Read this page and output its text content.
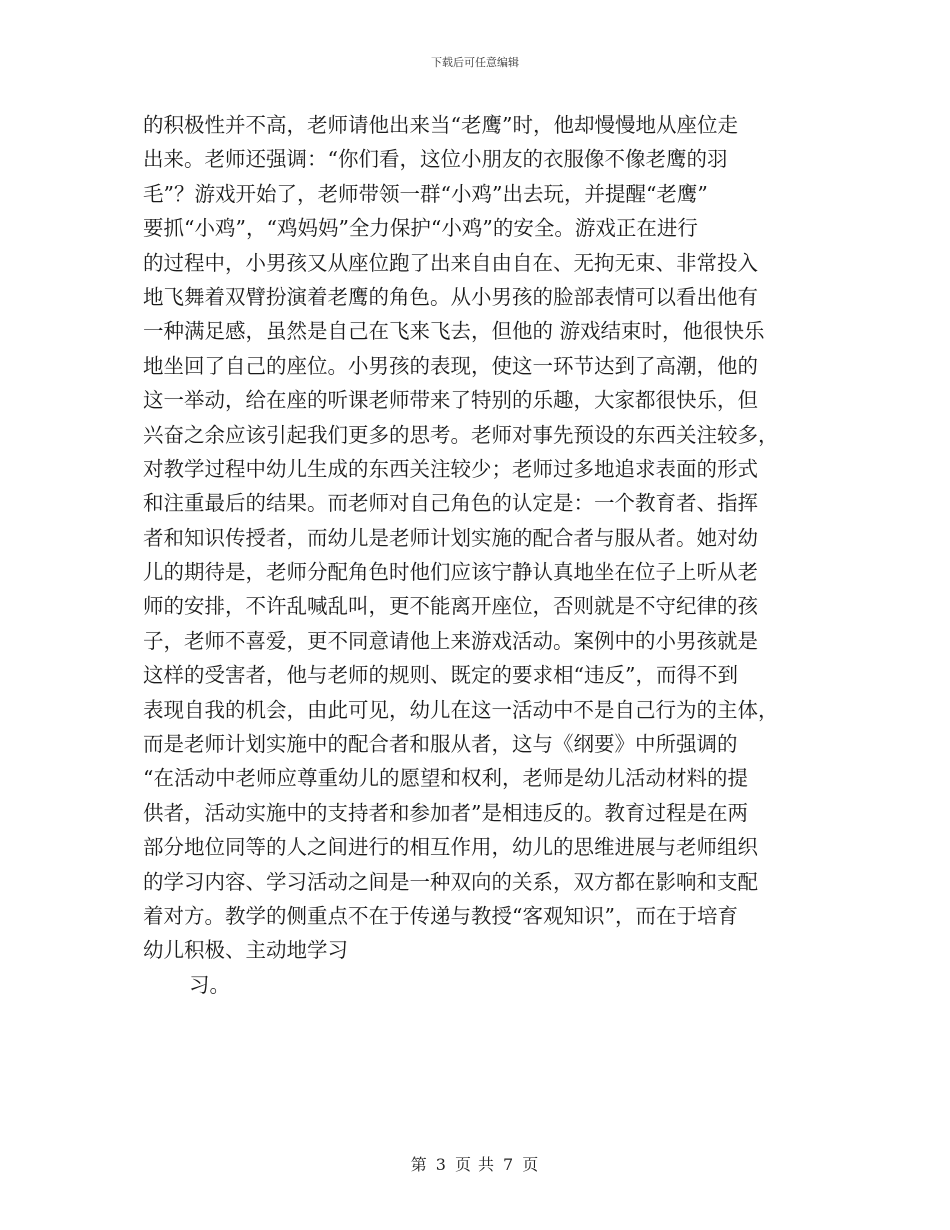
下载后可任意编辑
的积极性并不高，老师请他出来当“老鹰”时，他却慢慢地从座位走
出来。老师还强调：“你们看，这位小朋友的衣服像不像老鹰的羽
毛”？游戏开始了，老师带领一群“小鸡”出去玩，并提醒“老鹰”
要抓“小鸡”，“鸡妈妈”全力保护“小鸡”的安全。游戏正在进行
的过程中，小男孩又从座位跑了出来自由自在、无拘无束、非常投入
地飞舞着双臂扮演着老鹰的角色。从小男孩的脸部表情可以看出他有
一种满足感，虽然是自己在飞来飞去，但他的 游戏结束时，他很快乐
地坐回了自己的座位。小男孩的表现，使这一环节达到了高潮，他的
这一举动，给在座的听课老师带来了特别的乐趣，大家都很快乐，但
兴奋之余应该引起我们更多的思考。老师对事先预设的东西关注较多，
对教学过程中幼儿生成的东西关注较少；老师过多地追求表面的形式
和注重最后的结果。而老师对自己角色的认定是：一个教育者、指挥
者和知识传授者，而幼儿是老师计划实施的配合者与服从者。她对幼
儿的期待是，老师分配角色时他们应该宁静认真地坐在位子上听从老
师的安排，不许乱喊乱叫，更不能离开座位，否则就是不守纪律的孩
子，老师不喜爱，更不同意请他上来游戏活动。案例中的小男孩就是
这样的受害者，他与老师的规则、既定的要求相“违反”，而得不到
表现自我的机会，由此可见，幼儿在这一活动中不是自己行为的主体，
而是老师计划实施中的配合者和服从者，这与《纲要》中所强调的
“在活动中老师应尊重幼儿的愿望和权利，老师是幼儿活动材料的提
供者，活动实施中的支持者和参加者”是相违反的。教育过程是在两
部分地位同等的人之间进行的相互作用，幼儿的思维进展与老师组织
的学习内容、学习活动之间是一种双向的关系，双方都在影响和支配
着对方。教学的侧重点不在于传递与教授“客观知识”，而在于培育
幼儿积极、主动地学习
习。
第 3 页 共 7 页
